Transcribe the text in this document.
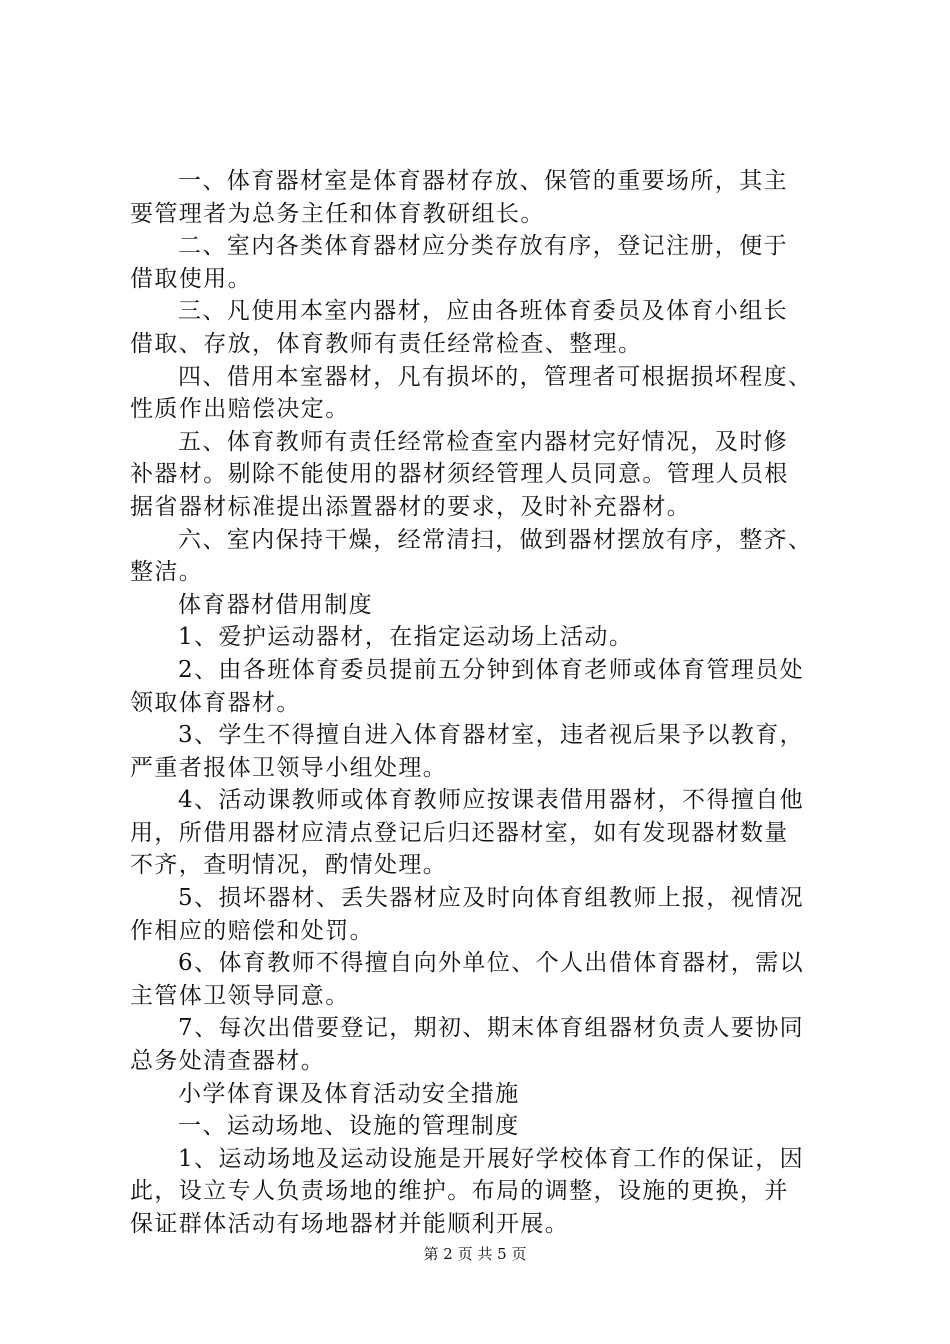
一、体育器材室是体育器材存放、保管的重要场所，其主
要管理者为总务主任和体育教研组长。
二、室内各类体育器材应分类存放有序，登记注册，便于
借取使用。
三、凡使用本室内器材，应由各班体育委员及体育小组长
借取、存放，体育教师有责任经常检查、整理。
四、借用本室器材，凡有损坏的，管理者可根据损坏程度、
性质作出赔偿决定。
五、体育教师有责任经常检查室内器材完好情况，及时修
补器材。剔除不能使用的器材须经管理人员同意。管理人员根
据省器材标准提出添置器材的要求，及时补充器材。
六、室内保持干燥，经常清扫，做到器材摆放有序，整齐、
整洁。
体育器材借用制度
1、爱护运动器材，在指定运动场上活动。
2、由各班体育委员提前五分钟到体育老师或体育管理员处
领取体育器材。
3、学生不得擅自进入体育器材室，违者视后果予以教育，
严重者报体卫领导小组处理。
4、活动课教师或体育教师应按课表借用器材，不得擅自他
用，所借用器材应清点登记后归还器材室，如有发现器材数量
不齐，查明情况，酌情处理。
5、损坏器材、丢失器材应及时向体育组教师上报，视情况
作相应的赔偿和处罚。
6、体育教师不得擅自向外单位、个人出借体育器材，需以
主管体卫领导同意。
7、每次出借要登记，期初、期末体育组器材负责人要协同
总务处清查器材。
小学体育课及体育活动安全措施
一、运动场地、设施的管理制度
1、运动场地及运动设施是开展好学校体育工作的保证，因
此，设立专人负责场地的维护。布局的调整，设施的更换，并
保证群体活动有场地器材并能顺利开展。
第 2 页 共 5 页
